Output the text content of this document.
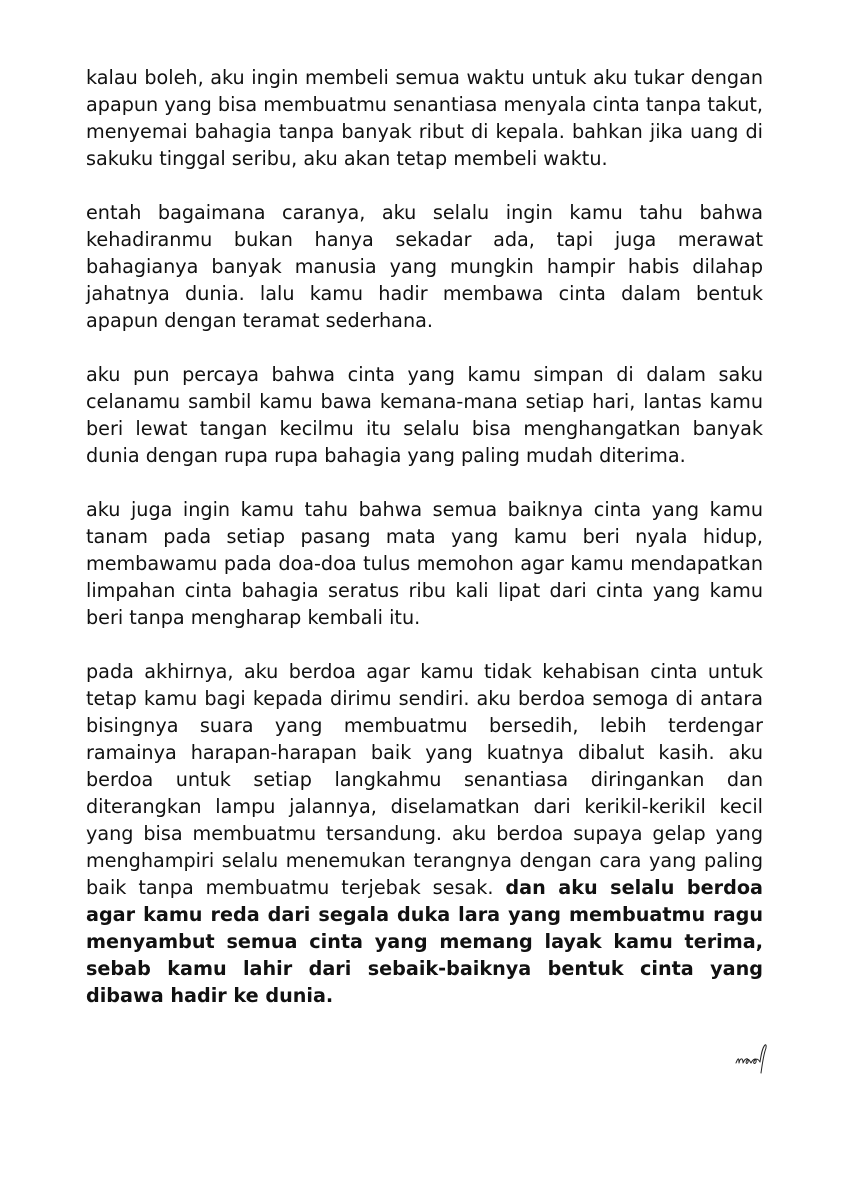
kalau boleh, aku ingin membeli semua waktu untuk aku tukar dengan apapun yang bisa membuatmu senantiasa menyala cinta tanpa takut, menyemai bahagia tanpa banyak ribut di kepala. bahkan jika uang di sakuku tinggal seribu, aku akan tetap membeli waktu.

entah bagaimana caranya, aku selalu ingin kamu tahu bahwa kehadiranmu bukan hanya sekadar ada, tapi juga merawat bahagianya banyak manusia yang mungkin hampir habis dilahap jahatnya dunia. lalu kamu hadir membawa cinta dalam bentuk apapun dengan teramat sederhana.

aku pun percaya bahwa cinta yang kamu simpan di dalam saku celanamu sambil kamu bawa kemana-mana setiap hari, lantas kamu beri lewat tangan kecilmu itu selalu bisa menghangatkan banyak dunia dengan rupa rupa bahagia yang paling mudah diterima.

aku juga ingin kamu tahu bahwa semua baiknya cinta yang kamu tanam pada setiap pasang mata yang kamu beri nyala hidup, membawamu pada doa-doa tulus memohon agar kamu mendapatkan limpahan cinta bahagia seratus ribu kali lipat dari cinta yang kamu beri tanpa mengharap kembali itu.

pada akhirnya, aku berdoa agar kamu tidak kehabisan cinta untuk tetap kamu bagi kepada dirimu sendiri. aku berdoa semoga di antara bisingnya suara yang membuatmu bersedih, lebih terdengar ramainya harapan-harapan baik yang kuatnya dibalut kasih. aku berdoa untuk setiap langkahmu senantiasa diringankan dan diterangkan lampu jalannya, diselamatkan dari kerikil-kerikil kecil yang bisa membuatmu tersandung. aku berdoa supaya gelap yang menghampiri selalu menemukan terangnya dengan cara yang paling baik tanpa membuatmu terjebak sesak. dan aku selalu berdoa agar kamu reda dari segala duka lara yang membuatmu ragu menyambut semua cinta yang memang layak kamu terima, sebab kamu lahir dari sebaik-baiknya bentuk cinta yang dibawa hadir ke dunia.
